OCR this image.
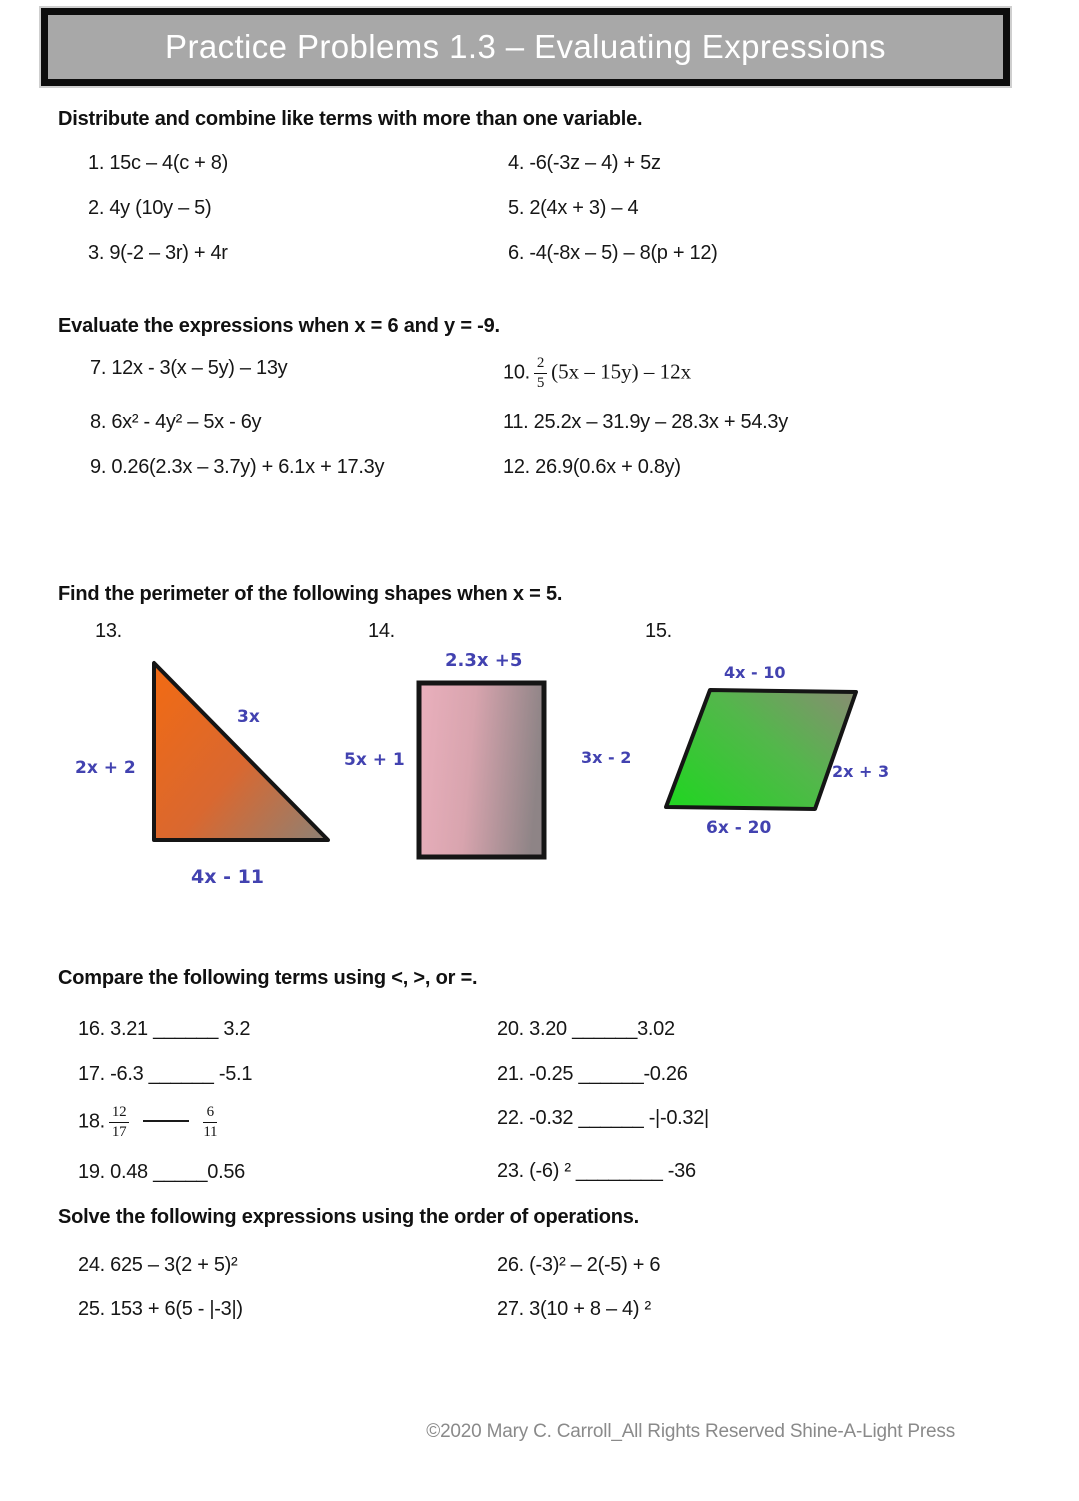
Practice Problems 1.3 – Evaluating Expressions
Distribute and combine like terms with more than one variable.
1. 15c – 4(c + 8)
2. 4y (10y – 5)
3. 9(-2 – 3r) + 4r
4. -6(-3z – 4) + 5z
5. 2(4x + 3) – 4
6. -4(-8x – 5) – 8(p + 12)
Evaluate the expressions when x = 6 and y = -9.
7. 12x - 3(x – 5y) – 13y
8. 6x² - 4y² – 5x - 6y
9. 0.26(2.3x – 3.7y) + 6.1x + 17.3y
10. $\frac{2}{5} (5x - 15y) - 12x$
11. 25.2x – 31.9y – 28.3x + 54.3y
12. 26.9(0.6x + 0.8y)
Find the perimeter of the following shapes when x = 5.
13.	14.	15.
2x + 2
3x
4x - 11
2.3x +5
5x + 1
4x - 10
3x - 2
2x + 3
6x - 20
Compare the following terms using <, >, or =.
16. 3.21 ______ 3.2
17. -6.3 ______ -5.1
18. $\frac{12}{17}$	$\frac{6}{11}$
19. 0.48 _____0.56
20. 3.20 ______3.02
21. -0.25 ______-0.26
22. -0.32 ______ -|-0.32|
23. (-6) ² ________ -36
Solve the following expressions using the order of operations.
24. 625 – 3(2 + 5)²
25. 153 + 6(5 - |-3|)
26. (-3)² – 2(-5) + 6
27. 3(10 + 8 – 4) ²
©2020 Mary C. Carroll_All Rights Reserved Shine-A-Light Press
